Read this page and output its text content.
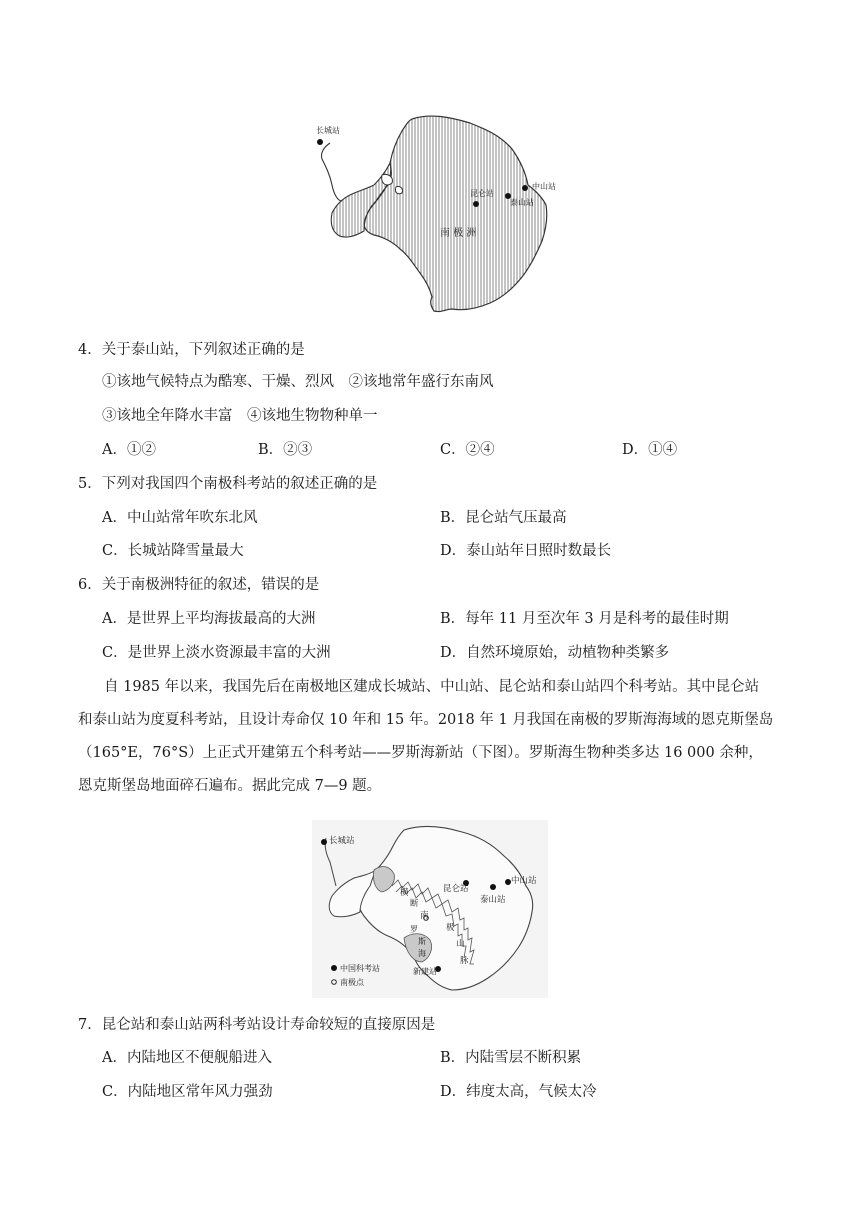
长城站
昆仑站
泰山站
中山站
南 极 洲
4．关于泰山站，下列叙述正确的是
①该地气候特点为酷寒、干燥、烈风　②该地常年盛行东南风
③该地全年降水丰富　④该地生物物种单一
A．①②	B．②③	C．②④	D．①④
5．下列对我国四个南极科考站的叙述正确的是
A．中山站常年吹东北风	B．昆仑站气压最高
C．长城站降雪量最大	D．泰山站年日照时数最长
6．关于南极洲特征的叙述，错误的是
A．是世界上平均海拔最高的大洲	B．每年 11 月至次年 3 月是科考的最佳时期
C．是世界上淡水资源最丰富的大洲	D．自然环境原始，动植物种类繁多
自 1985 年以来，我国先后在南极地区建成长城站、中山站、昆仑站和泰山站四个科考站。其中昆仑站
和泰山站为度夏科考站，且设计寿命仅 10 年和 15 年。2018 年 1 月我国在南极的罗斯海海域的恩克斯堡岛
（165°E，76°S）上正式开建第五个科考站——罗斯海新站（下图）。罗斯海生物种类多达 16 000 余种，
恩克斯堡岛地面碎石遍布。据此完成 7—9 题。
长城站
昆仑站
泰山站
中山站
新建站
横
断
南
极
山
脉
罗
斯
海
中国科考站
南极点
7．昆仑站和泰山站两科考站设计寿命较短的直接原因是
A．内陆地区不便舰船进入	B．内陆雪层不断积累
C．内陆地区常年风力强劲	D．纬度太高，气候太冷
